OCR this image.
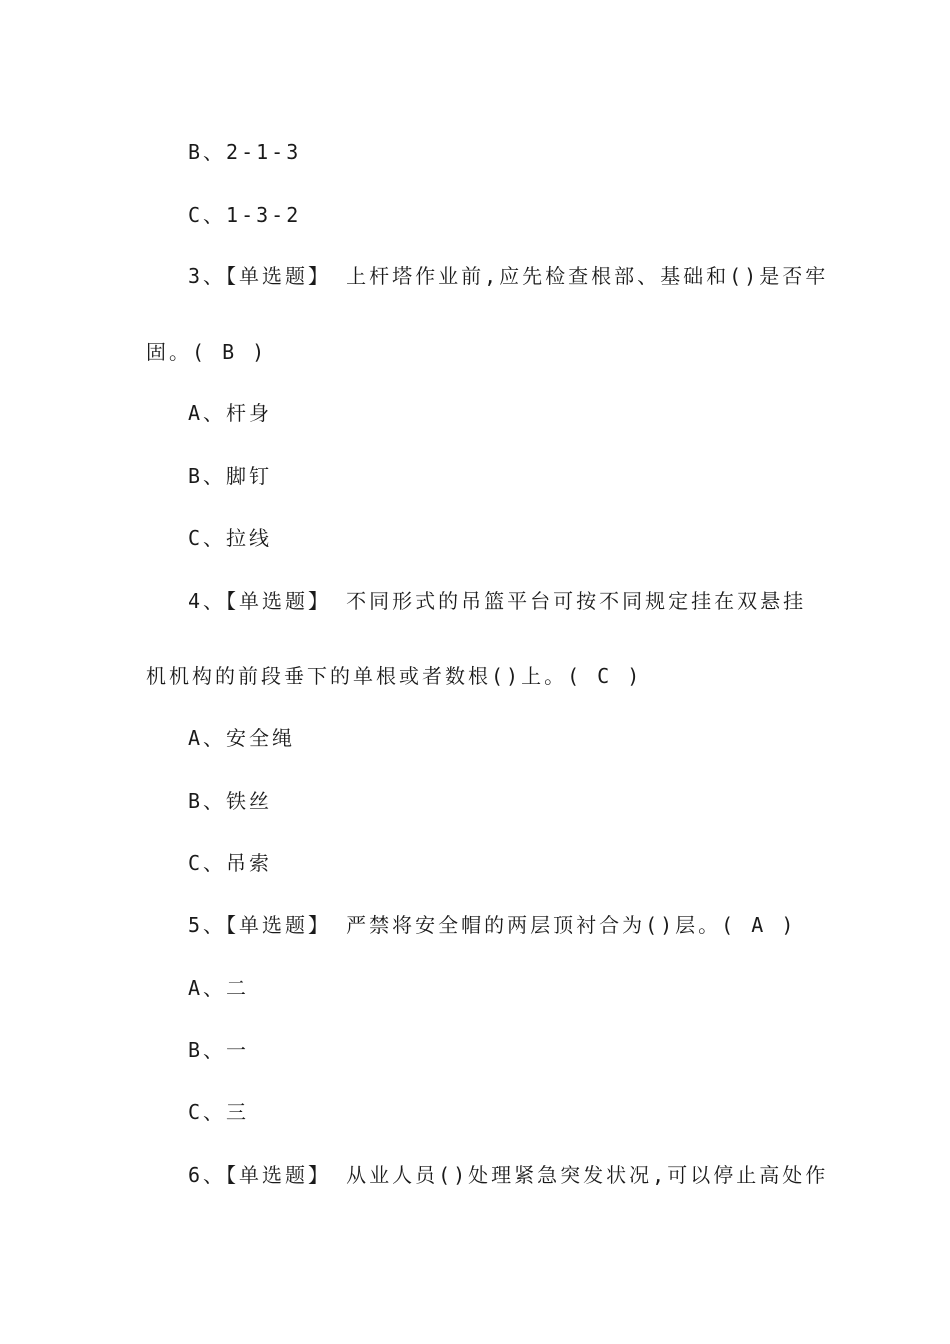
B、2-1-3
C、1-3-2
3、【单选题】 上杆塔作业前,应先检查根部、基础和()是否牢
固。( B )
A、杆身
B、脚钉
C、拉线
4、【单选题】 不同形式的吊篮平台可按不同规定挂在双悬挂
机机构的前段垂下的单根或者数根()上。( C )
A、安全绳
B、铁丝
C、吊索
5、【单选题】 严禁将安全帽的两层顶衬合为()层。( A )
A、二
B、一
C、三
6、【单选题】 从业人员()处理紧急突发状况,可以停止高处作
